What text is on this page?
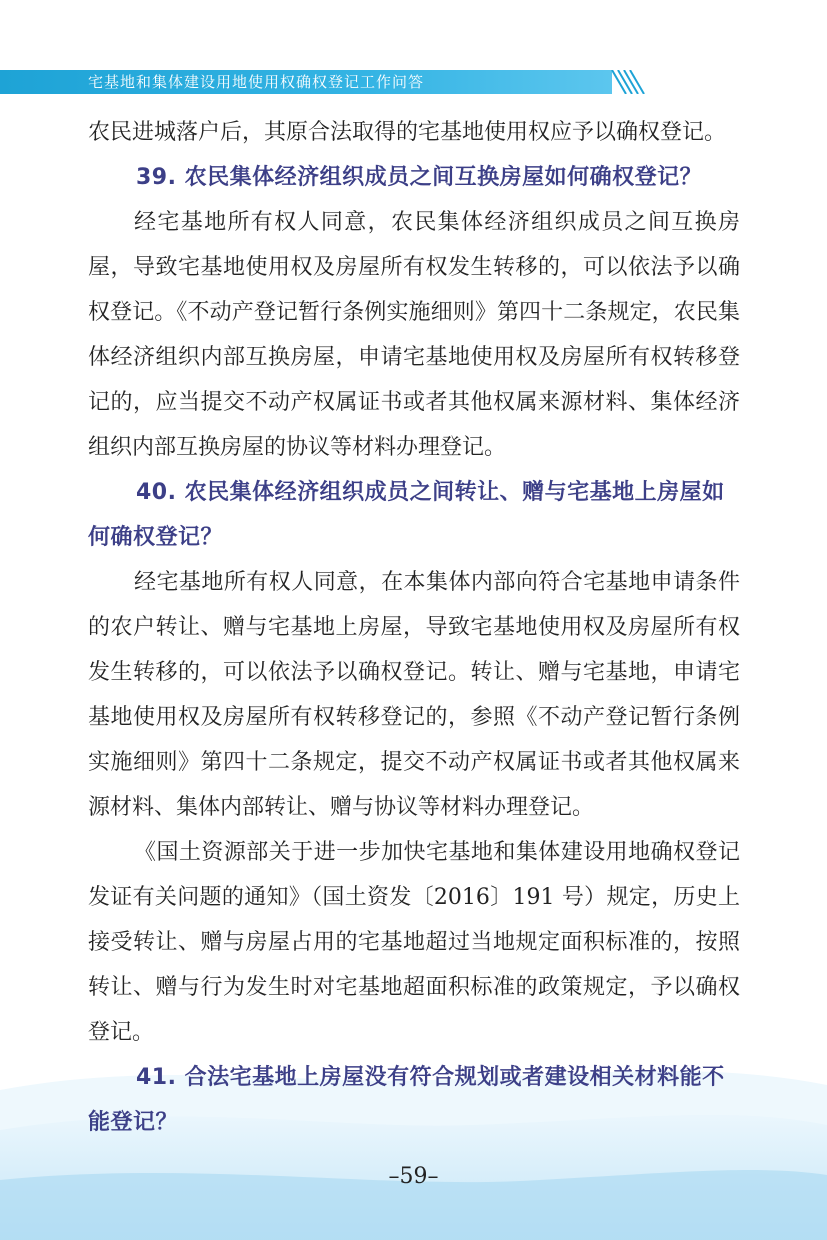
宅基地和集体建设用地使用权确权登记工作问答

农民进城落户后，其原合法取得的宅基地使用权应予以确权登记。

39. 农民集体经济组织成员之间互换房屋如何确权登记？

经宅基地所有权人同意，农民集体经济组织成员之间互换房屋，导致宅基地使用权及房屋所有权发生转移的，可以依法予以确权登记。《不动产登记暂行条例实施细则》第四十二条规定，农民集体经济组织内部互换房屋，申请宅基地使用权及房屋所有权转移登记的，应当提交不动产权属证书或者其他权属来源材料、集体经济组织内部互换房屋的协议等材料办理登记。

40. 农民集体经济组织成员之间转让、赠与宅基地上房屋如何确权登记？

经宅基地所有权人同意，在本集体内部向符合宅基地申请条件的农户转让、赠与宅基地上房屋，导致宅基地使用权及房屋所有权发生转移的，可以依法予以确权登记。转让、赠与宅基地，申请宅基地使用权及房屋所有权转移登记的，参照《不动产登记暂行条例实施细则》第四十二条规定，提交不动产权属证书或者其他权属来源材料、集体内部转让、赠与协议等材料办理登记。

《国土资源部关于进一步加快宅基地和集体建设用地确权登记发证有关问题的通知》（国土资发〔2016〕191 号）规定，历史上接受转让、赠与房屋占用的宅基地超过当地规定面积标准的，按照转让、赠与行为发生时对宅基地超面积标准的政策规定，予以确权登记。

41. 合法宅基地上房屋没有符合规划或者建设相关材料能不能登记？

–59–
